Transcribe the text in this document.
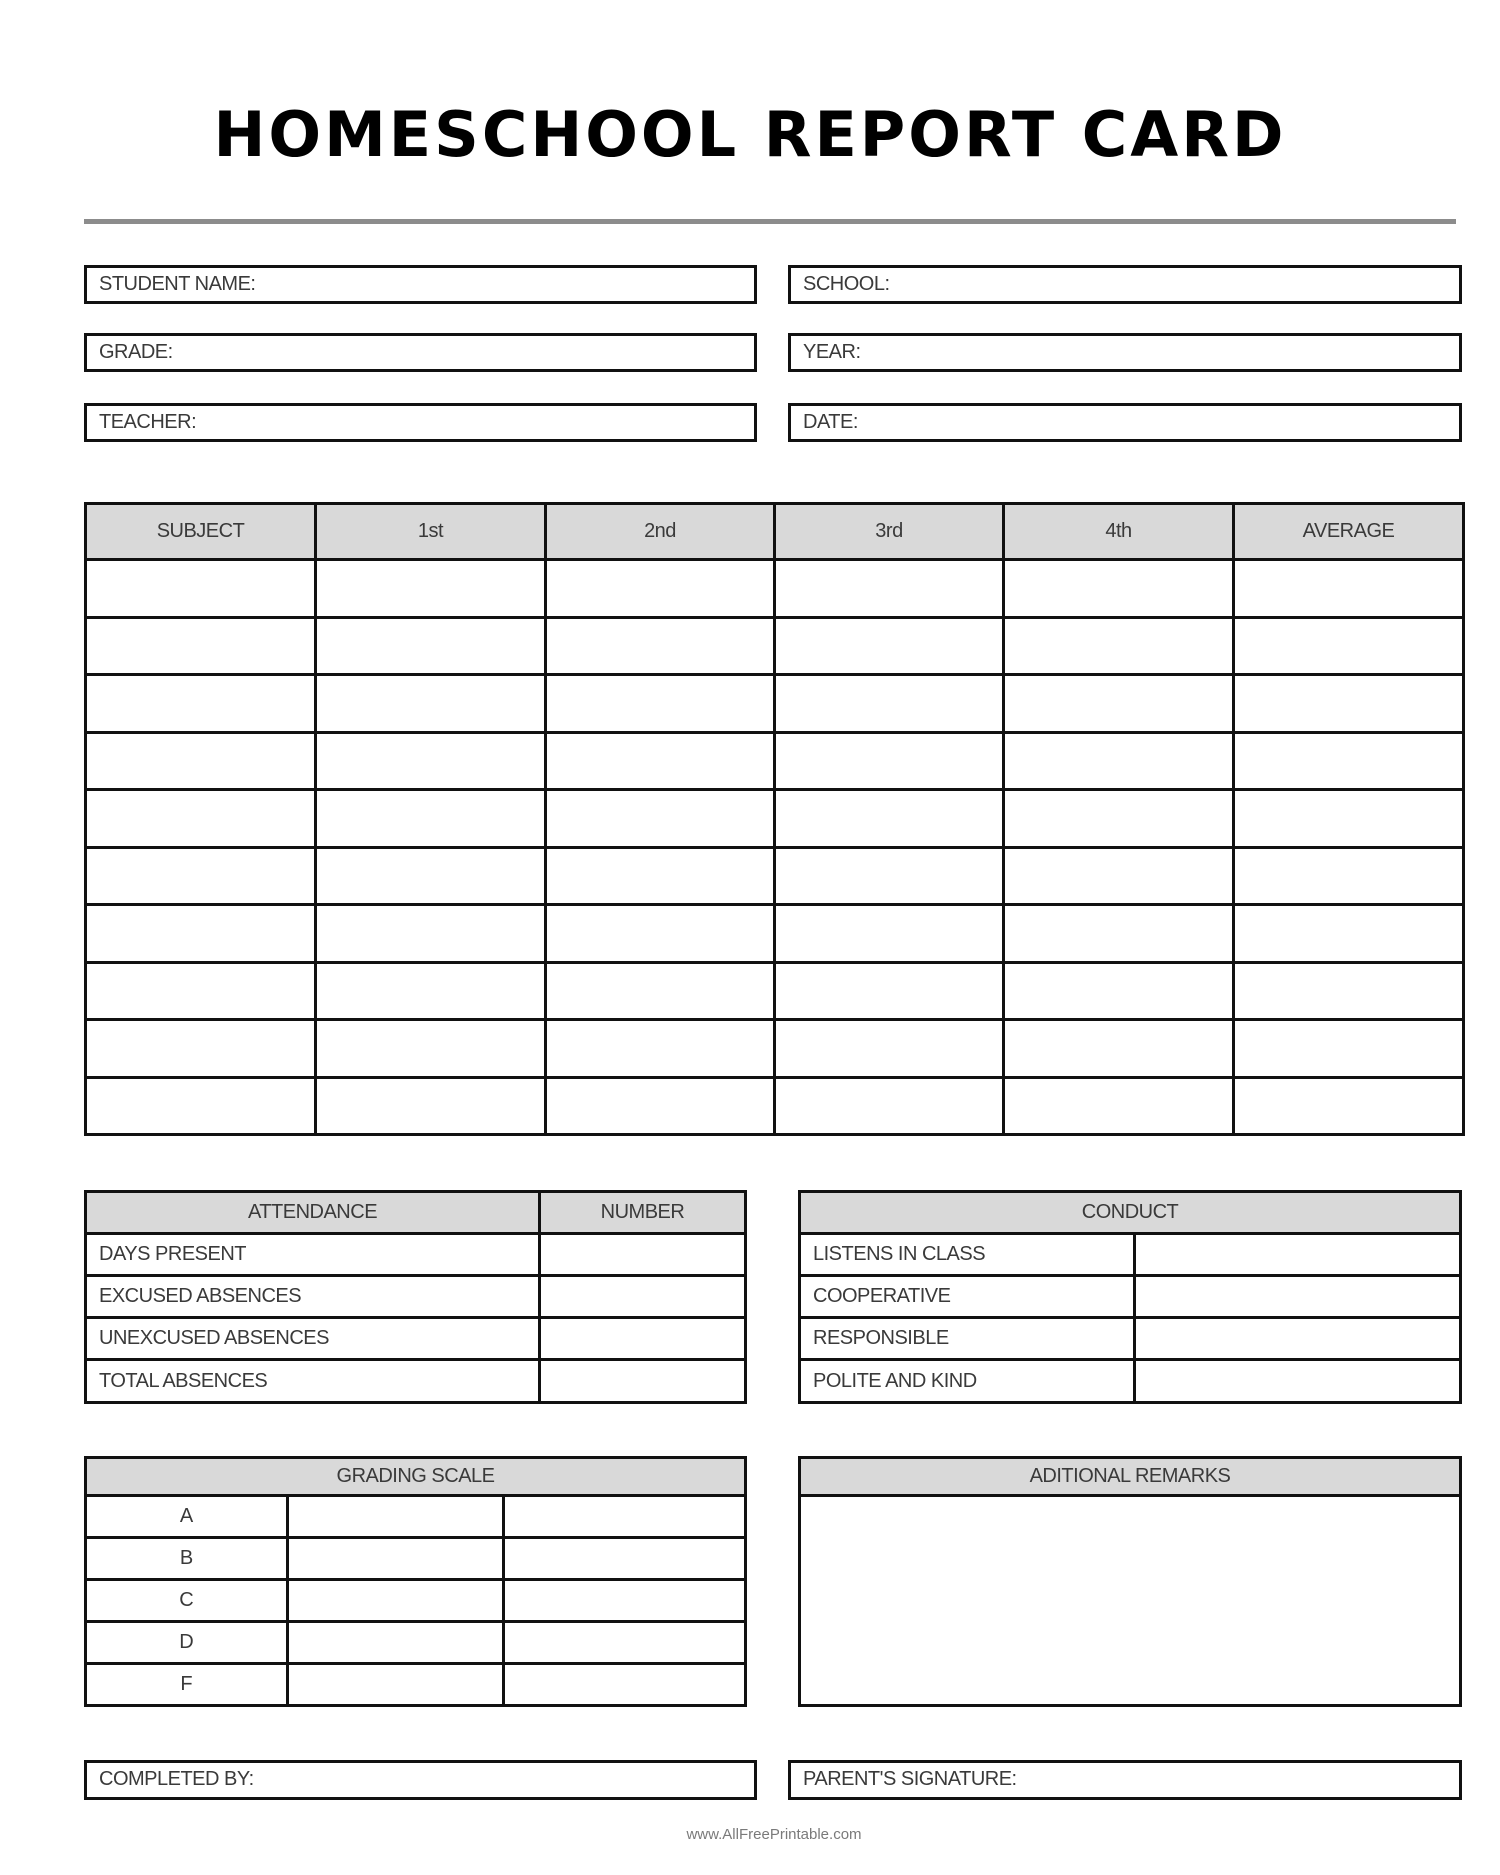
HOMESCHOOL REPORT CARD
STUDENT NAME:	SCHOOL:
GRADE:	YEAR:
TEACHER:	DATE:
SUBJECT	1st	2nd	3rd	4th	AVERAGE

ATTENDANCE	NUMBER
DAYS PRESENT	
EXCUSED ABSENCES	
UNEXCUSED ABSENCES	
TOTAL ABSENCES	
CONDUCT	
LISTENS IN CLASS	
COOPERATIVE	
RESPONSIBLE	
POLITE AND KIND	
GRADING SCALE		
A		
B		
C		
D		
F		
ADITIONAL REMARKS

COMPLETED BY:	PARENT'S SIGNATURE:
www.AllFreePrintable.com
